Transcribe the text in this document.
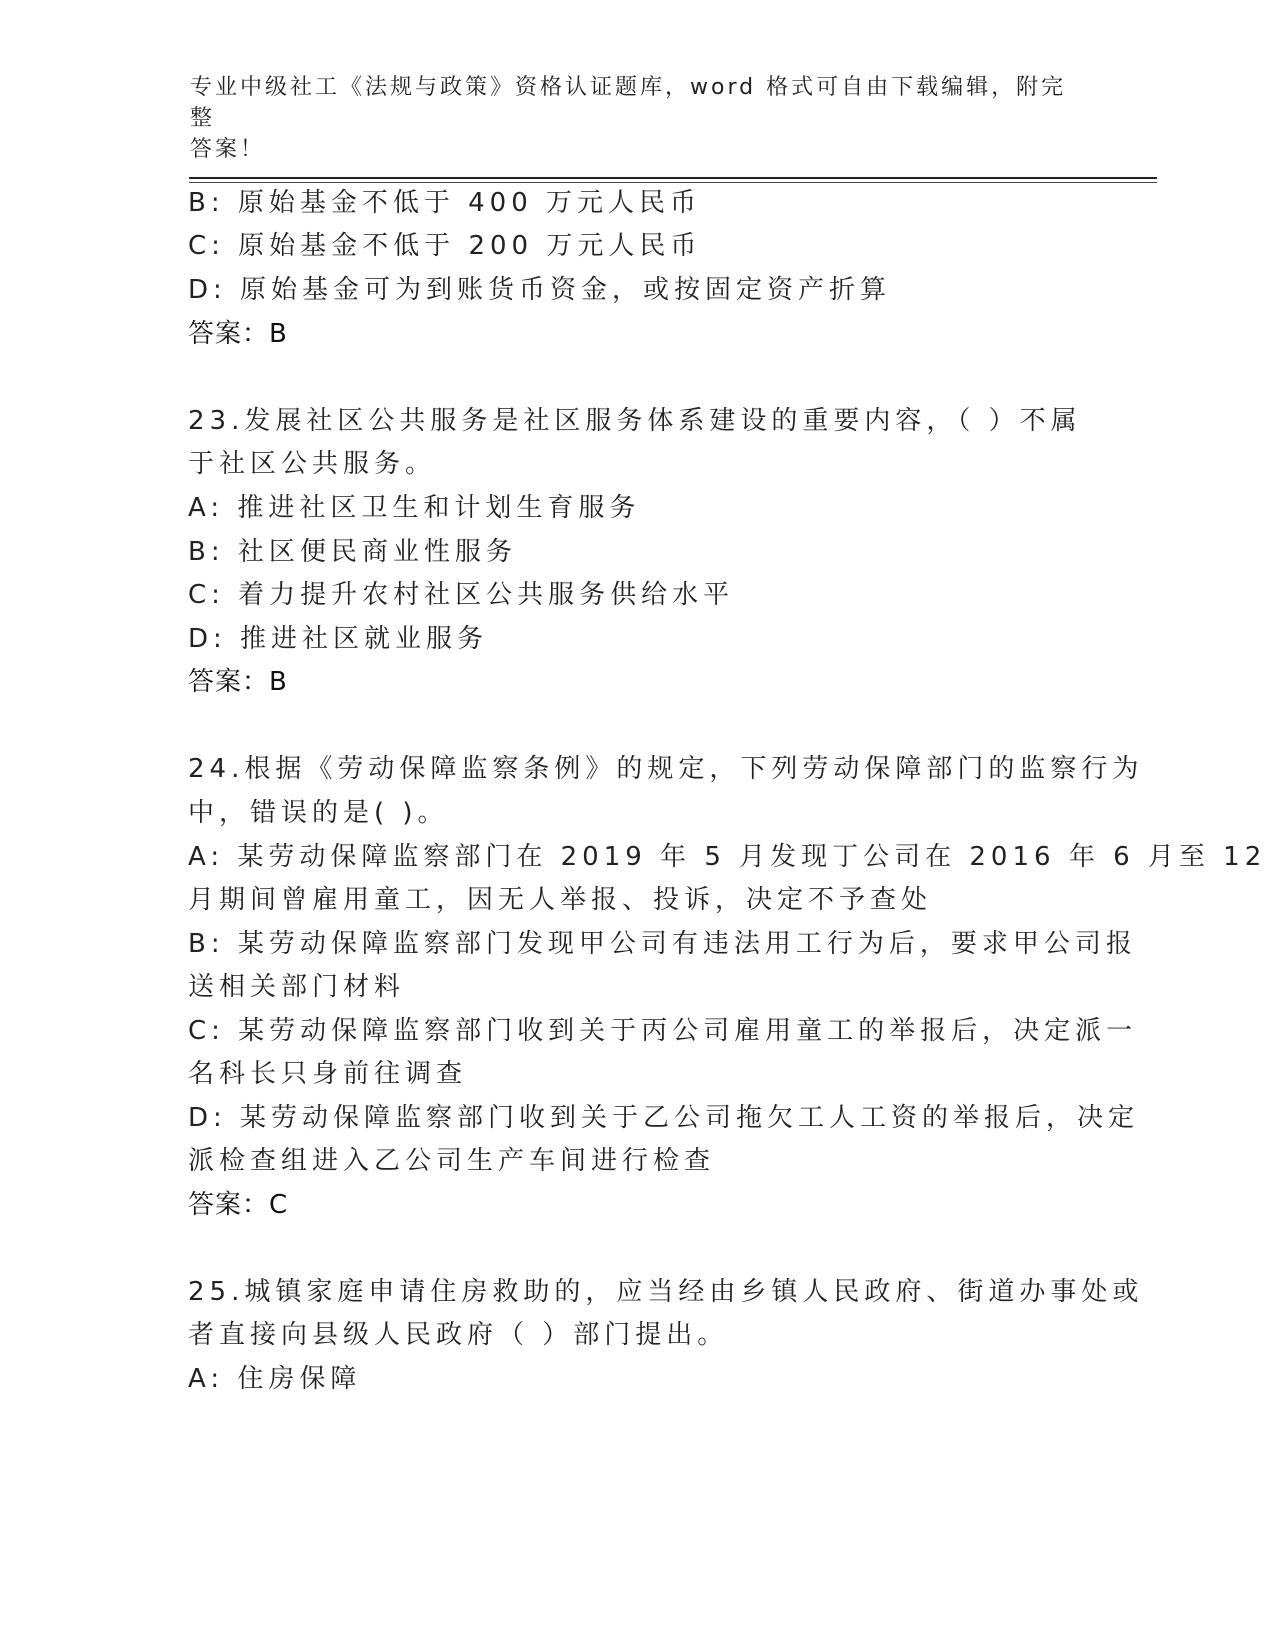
专业中级社工《法规与政策》资格认证题库，word 格式可自由下载编辑，附完整
答案！
B: 原始基金不低于 400 万元人民币
C: 原始基金不低于 200 万元人民币
D: 原始基金可为到账货币资金，或按固定资产折算
答案：B
23.发展社区公共服务是社区服务体系建设的重要内容，（ ）不属
于社区公共服务。
A: 推进社区卫生和计划生育服务
B: 社区便民商业性服务
C: 着力提升农村社区公共服务供给水平
D: 推进社区就业服务
答案：B
24.根据《劳动保障监察条例》的规定，下列劳动保障部门的监察行为
中，错误的是( )。
A: 某劳动保障监察部门在 2019 年 5 月发现丁公司在 2016 年 6 月至 12
月期间曾雇用童工，因无人举报、投诉，决定不予查处
B: 某劳动保障监察部门发现甲公司有违法用工行为后，要求甲公司报
送相关部门材料
C: 某劳动保障监察部门收到关于丙公司雇用童工的举报后，决定派一
名科长只身前往调查
D: 某劳动保障监察部门收到关于乙公司拖欠工人工资的举报后，决定
派检查组进入乙公司生产车间进行检查
答案：C
25.城镇家庭申请住房救助的，应当经由乡镇人民政府、街道办事处或
者直接向县级人民政府（ ）部门提出。
A: 住房保障
